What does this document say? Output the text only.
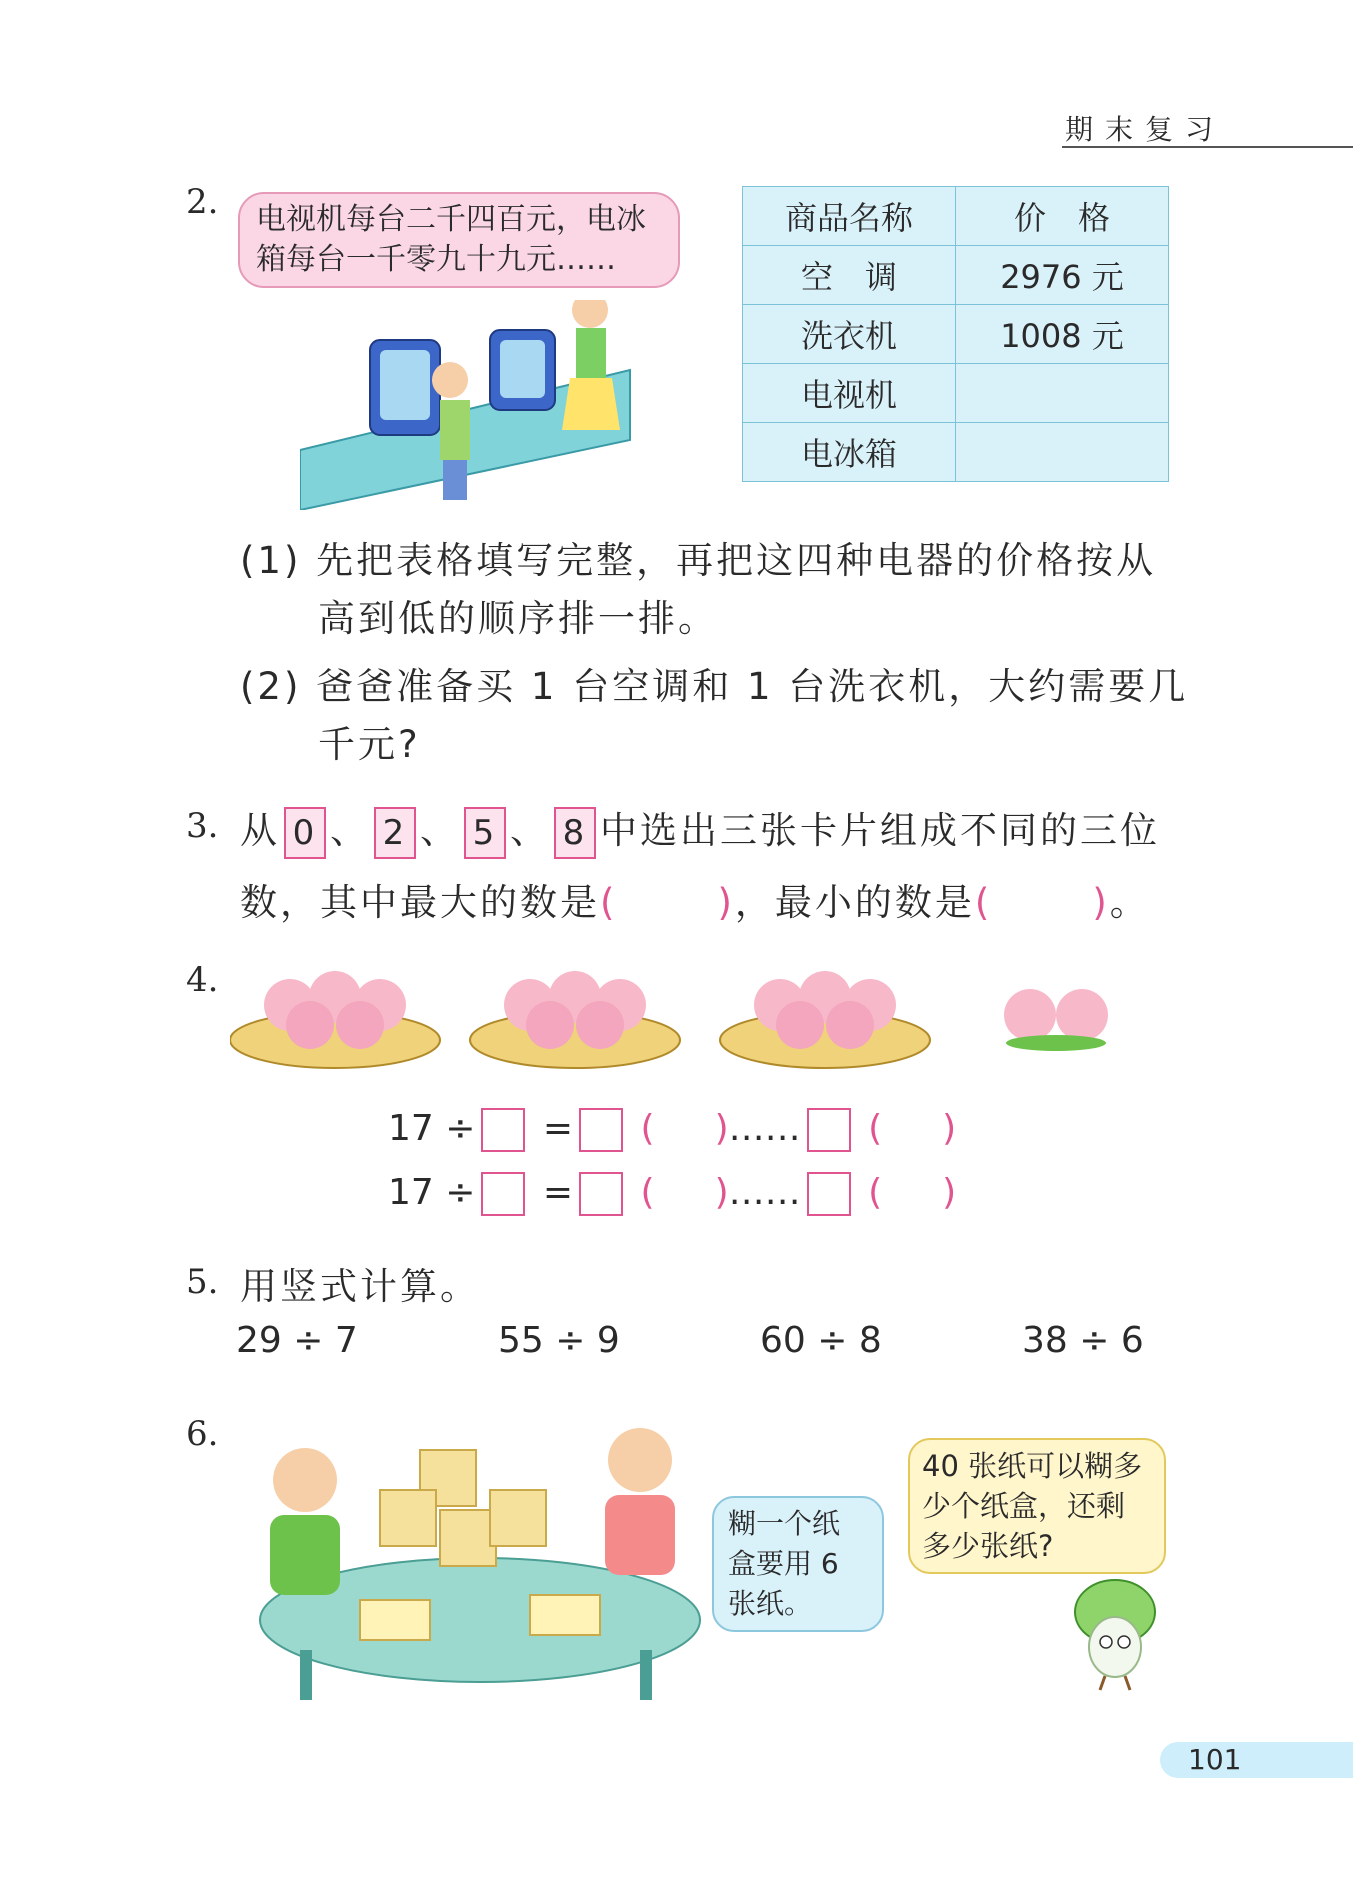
期末复习
2.	电视机每台二千四百元，电冰箱每台一千零九十九元……
商品名称	价　格
空　调	2976 元
洗衣机	1008 元
电视机	
电冰箱	
(1) 先把表格填写完整，再把这四种电器的价格按从
高到低的顺序排一排。
(2) 爸爸准备买 1 台空调和 1 台洗衣机，大约需要几
千元?
3. 从 0 、 2 、 5 、 8 中选出三张卡片组成不同的三位
数，其中最大的数是(	)，最小的数是(	)。
4.
17 ÷ = ( )…… ( )
17 ÷ = ( )…… ( )
5. 用竖式计算。
29 ÷ 7	55 ÷ 9	60 ÷ 8	38 ÷ 6
6.
糊一个纸
盒要用 6
张纸。
40 张纸可以糊多
少个纸盒，还剩
多少张纸?
101
